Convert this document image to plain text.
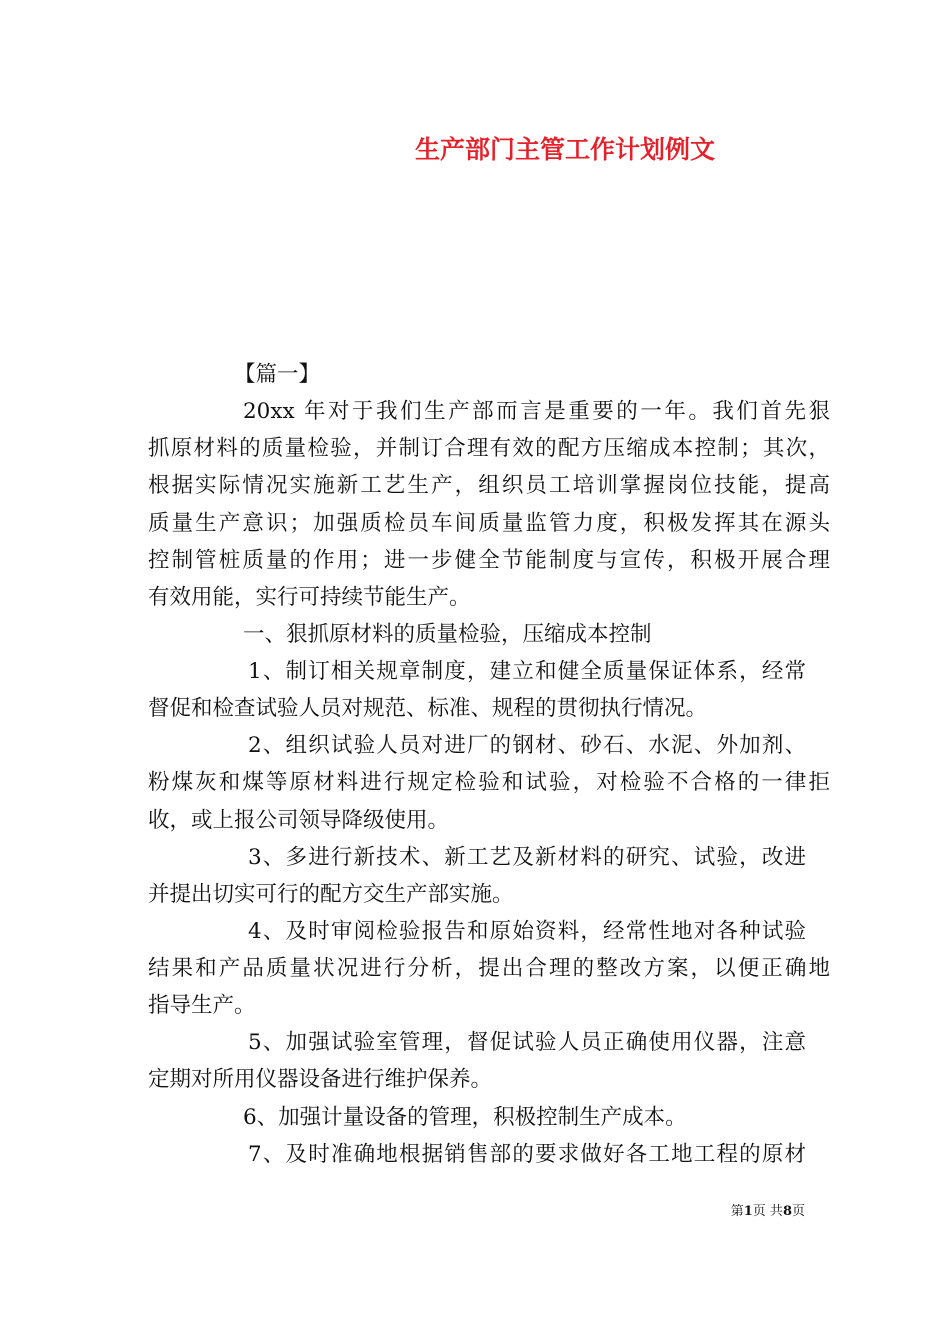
生产部门主管工作计划例文
【篇一】
20xx 年对于我们生产部而言是重要的一年。我们首先狠
抓原材料的质量检验，并制订合理有效的配方压缩成本控制；其次，
根据实际情况实施新工艺生产，组织员工培训掌握岗位技能，提高
质量生产意识；加强质检员车间质量监管力度，积极发挥其在源头
控制管桩质量的作用；进一步健全节能制度与宣传，积极开展合理
有效用能，实行可持续节能生产。
一、狠抓原材料的质量检验，压缩成本控制
1、制订相关规章制度，建立和健全质量保证体系，经常
督促和检查试验人员对规范、标准、规程的贯彻执行情况。
2、组织试验人员对进厂的钢材、砂石、水泥、外加剂、
粉煤灰和煤等原材料进行规定检验和试验，对检验不合格的一律拒
收，或上报公司领导降级使用。
3、多进行新技术、新工艺及新材料的研究、试验，改进
并提出切实可行的配方交生产部实施。
4、及时审阅检验报告和原始资料，经常性地对各种试验
结果和产品质量状况进行分析，提出合理的整改方案，以便正确地
指导生产。
5、加强试验室管理，督促试验人员正确使用仪器，注意
定期对所用仪器设备进行维护保养。
6、加强计量设备的管理，积极控制生产成本。
7、及时准确地根据销售部的要求做好各工地工程的原材
第1页 共8页
